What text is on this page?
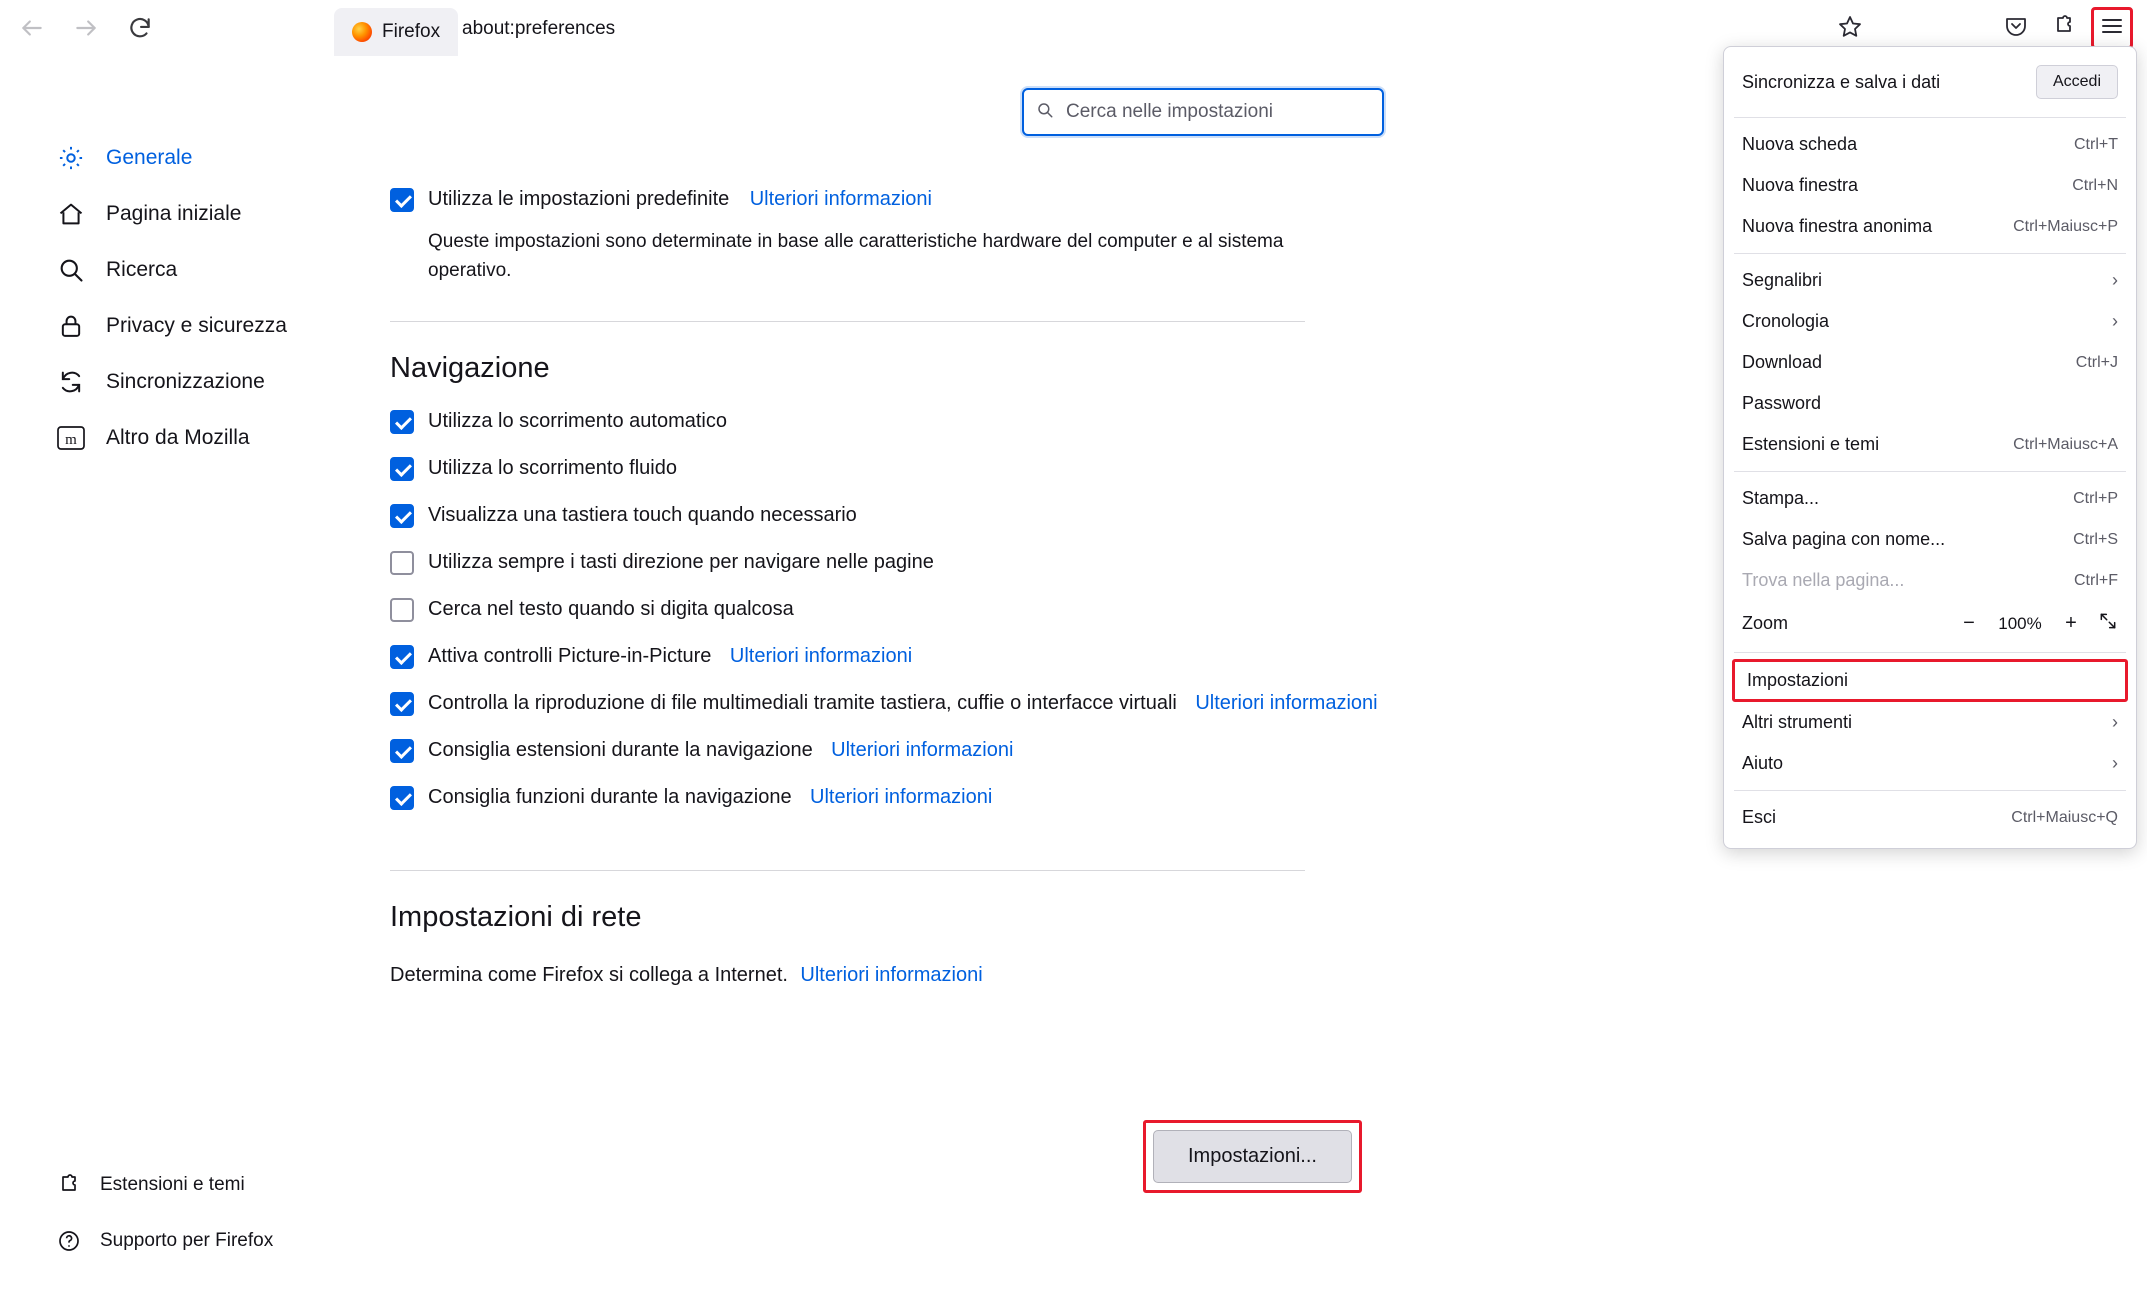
Firefox about:preferences
Generale
Pagina iniziale
Ricerca
Privacy e sicurezza
Sincronizzazione
m Altro da Mozilla
Estensioni e temi
Supporto per Firefox
Cerca nelle impostazioni
Utilizza le impostazioni predefinite Ulteriori informazioni
Queste impostazioni sono determinate in base alle caratteristiche hardware del computer e al sistema operativo.
Navigazione
Utilizza lo scorrimento automatico
Utilizza lo scorrimento fluido
Visualizza una tastiera touch quando necessario
Utilizza sempre i tasti direzione per navigare nelle pagine
Cerca nel testo quando si digita qualcosa
Attiva controlli Picture-in-Picture Ulteriori informazioni
Controlla la riproduzione di file multimediali tramite tastiera, cuffie o interfacce virtuali Ulteriori informazioni
Consiglia estensioni durante la navigazione Ulteriori informazioni
Consiglia funzioni durante la navigazione Ulteriori informazioni
Impostazioni di rete
Determina come Firefox si collega a Internet. Ulteriori informazioni
Impostazioni...
Sincronizza e salva i dati	Accedi
Nuova scheda	Ctrl+T
Nuova finestra	Ctrl+N
Nuova finestra anonima	Ctrl+Maiusc+P
Segnalibri	›
Cronologia	›
Download	Ctrl+J
Password
Estensioni e temi	Ctrl+Maiusc+A
Stampa...	Ctrl+P
Salva pagina con nome...	Ctrl+S
Trova nella pagina...	Ctrl+F
Zoom	−	100% +
Impostazioni
Altri strumenti	›
Aiuto	›
Esci	Ctrl+Maiusc+Q
